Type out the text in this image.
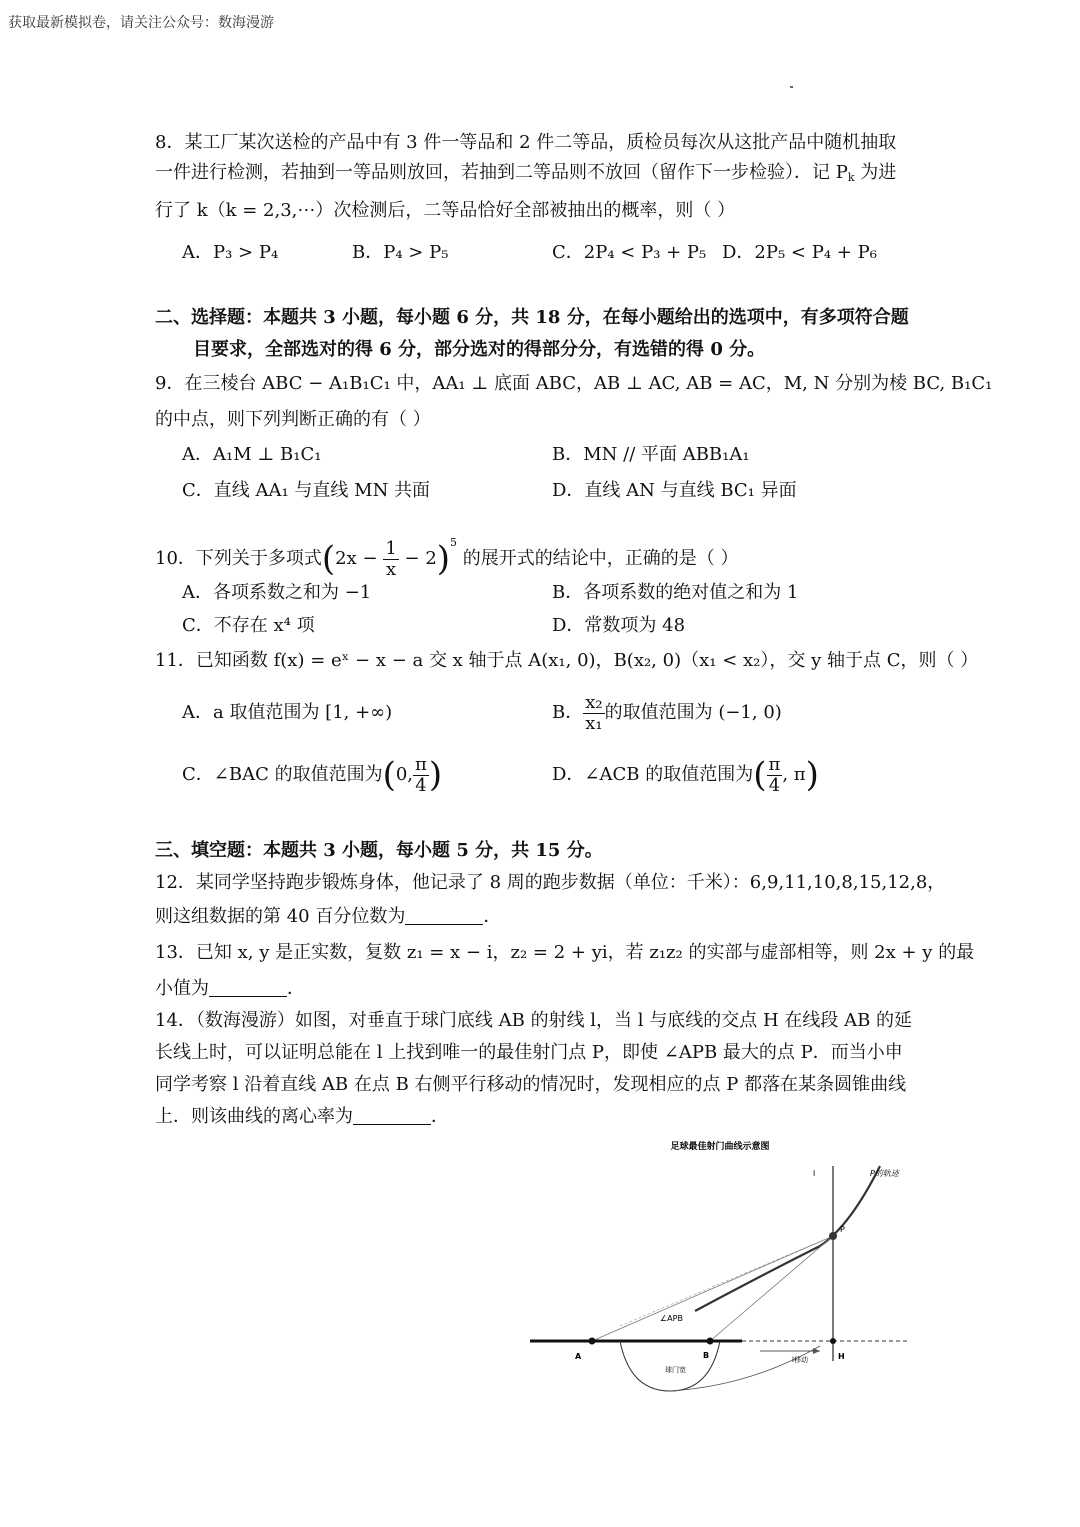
获取最新模拟卷，请关注公众号：数海漫游
8．某工厂某次送检的产品中有 3 件一等品和 2 件二等品，质检员每次从这批产品中随机抽取
一件进行检测，若抽到一等品则放回，若抽到二等品则不放回（留作下一步检验）．记 $P_k$ 为进
行了 k（k = 2,3,⋯）次检测后，二等品恰好全部被抽出的概率，则（ ）
A．P₃ > P₄	B．P₄ > P₅	C．2P₄ < P₃ + P₅ D．2P₅ < P₄ + P₆
二、选择题：本题共 3 小题，每小题 6 分，共 18 分，在每小题给出的选项中，有多项符合题
目要求，全部选对的得 6 分，部分选对的得部分分，有选错的得 0 分。
9．在三棱台 ABC − A₁B₁C₁ 中，AA₁ ⊥ 底面 ABC，AB ⊥ AC, AB = AC，M, N 分别为棱 BC, B₁C₁
的中点，则下列判断正确的有（ ）
A．A₁M ⊥ B₁C₁	B．MN // 平面 ABB₁A₁
C．直线 AA₁ 与直线 MN 共面	D．直线 AN 与直线 BC₁ 异面
10．下列关于多项式$(2x - \frac{1}{x} - 2)^5$ 的展开式的结论中，正确的是（ ）
A．各项系数之和为 −1	B．各项系数的绝对值之和为 1
C．不存在 x⁴ 项	D．常数项为 48
11．已知函数 f(x) = eˣ − x − a 交 x 轴于点 A(x₁, 0)，B(x₂, 0)（x₁ < x₂），交 y 轴于点 C，则（ ）
A．a 取值范围为 [1, +∞)	B． $\frac{\text{x₂}}{\text{x₁}}$ 的取值范围为 (−1, 0)
C．∠BAC 的取值范围为(0, $\frac{\pi}{4}$ )	D．∠ACB 的取值范围为( $\frac{\pi}{4}$ , π)
三、填空题：本题共 3 小题，每小题 5 分，共 15 分。
12．某同学坚持跑步锻炼身体，他记录了 8 周的跑步数据（单位：千米）：6,9,11,10,8,15,12,8，
则这组数据的第 40 百分位数为	．
13．已知 x, y 是正实数，复数 z₁ = x − i，z₂ = 2 + yi，若 z₁z₂ 的实部与虚部相等，则 2x + y 的最
小值为	．
14．（数海漫游）如图，对垂直于球门底线 AB 的射线 l，当 l 与底线的交点 H 在线段 AB 的延
长线上时，可以证明总能在 l 上找到唯一的最佳射门点 P，即使 ∠APB 最大的点 P．而当小申
同学考察 l 沿着直线 AB 在点 B 右侧平行移动的情况时，发现相应的点 P 都落在某条圆锥曲线
上．则该曲线的离心率为	．
足球最佳射门曲线示意图
l	P的轨迹
P
∠APB
A	B	H
球门宽
l移动
